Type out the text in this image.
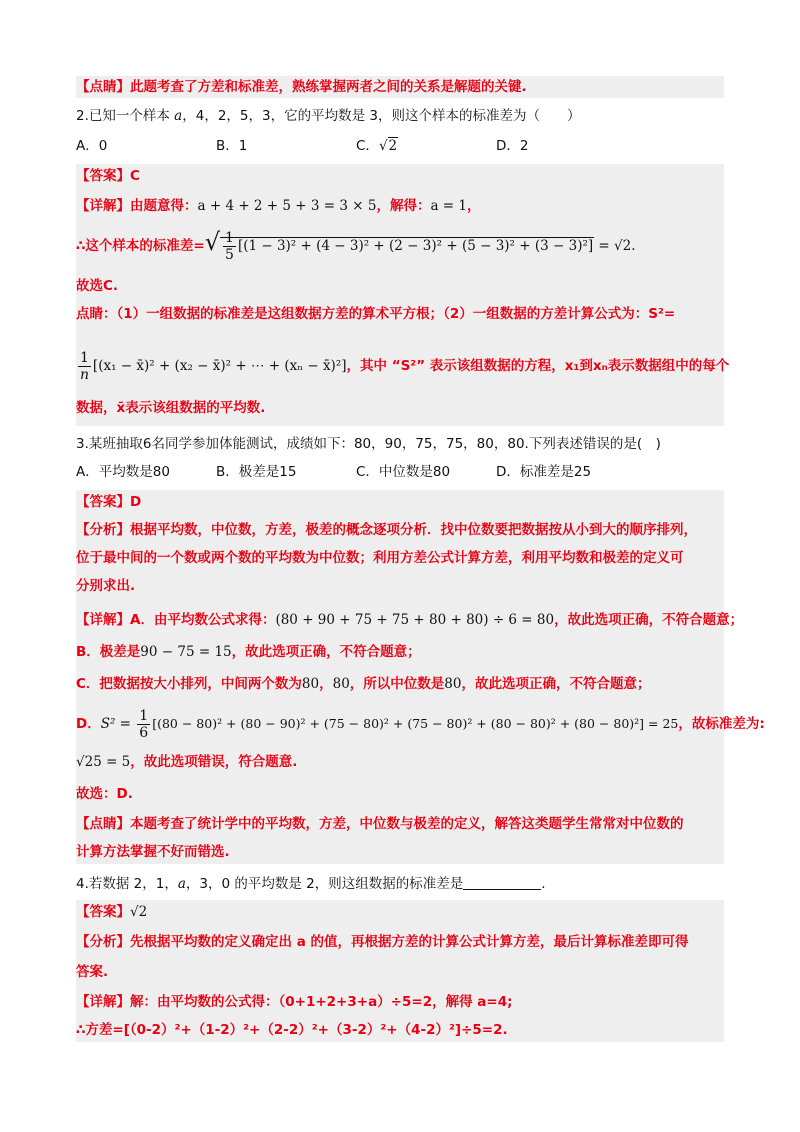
【点睛】此题考查了方差和标准差，熟练掌握两者之间的关系是解题的关键.
2.已知一个样本 a，4，2，5，3，它的平均数是 3，则这个样本的标准差为（　　）
A．0	B．1	C．√2	D．2
【答案】C
【详解】由题意得：a + 4 + 2 + 5 + 3 = 3 × 5，解得：a = 1，
∴这个样本的标准差=√ $\frac{1}{5} [(1 - 3)^2 + (4 - 3)^2 + (2 - 3)^2 + (5 - 3)^2 + (3 - 3)^2] = √2$.
故选C.
点睛：（1）一组数据的标准差是这组数据方差的算术平方根；（2）一组数据的方差计算公式为：S²=
$\frac{1}{n} [(x_1$ − x̄)² + (x₂ − x̄)² + ⋯ + (xₙ − x̄)²]，其中 “S²” 表示该组数据的方程，x₁到xₙ表示数据组中的每个
数据，x̄表示该组数据的平均数.
3.某班抽取6名同学参加体能测试，成绩如下：80，90，75，75，80，80.下列表述错误的是(　)
A．平均数是80	B．极差是15	C．中位数是80	D．标准差是25
【答案】D
【分析】根据平均数，中位数，方差，极差的概念逐项分析．找中位数要把数据按从小到大的顺序排列，
位于最中间的一个数或两个数的平均数为中位数；利用方差公式计算方差，利用平均数和极差的定义可
分别求出.
【详解】A．由平均数公式求得：(80 + 90 + 75 + 75 + 80 + 80) ÷ 6 = 80，故此选项正确，不符合题意；
B．极差是90 − 75 = 15，故此选项正确，不符合题意；
C．把数据按大小排列，中间两个数为80，80，所以中位数是80，故此选项正确，不符合题意；
D．$S^2 = \frac{1}{6} [(80 - 80)^2 + (80 - 90)^2 + (75 - 80)^2 + (75 - 80)^2 + (80 - 80)^2 + (80 - 80)^2] = 25$，故标准差为:
√25 = 5，故此选项错误，符合题意.
故选：D.
【点睛】本题考查了统计学中的平均数，方差，中位数与极差的定义，解答这类题学生常常对中位数的
计算方法掌握不好而错选.
4.若数据 2，1，a，3，0 的平均数是 2，则这组数据的标准差是	.
【答案】√2
【分析】先根据平均数的定义确定出 a 的值，再根据方差的计算公式计算方差，最后计算标准差即可得
答案.
【详解】解：由平均数的公式得：（0+1+2+3+a）÷5=2，解得 a=4;
∴方差=[（0-2）²+（1-2）²+（2-2）²+（3-2）²+（4-2）²]÷5=2.
